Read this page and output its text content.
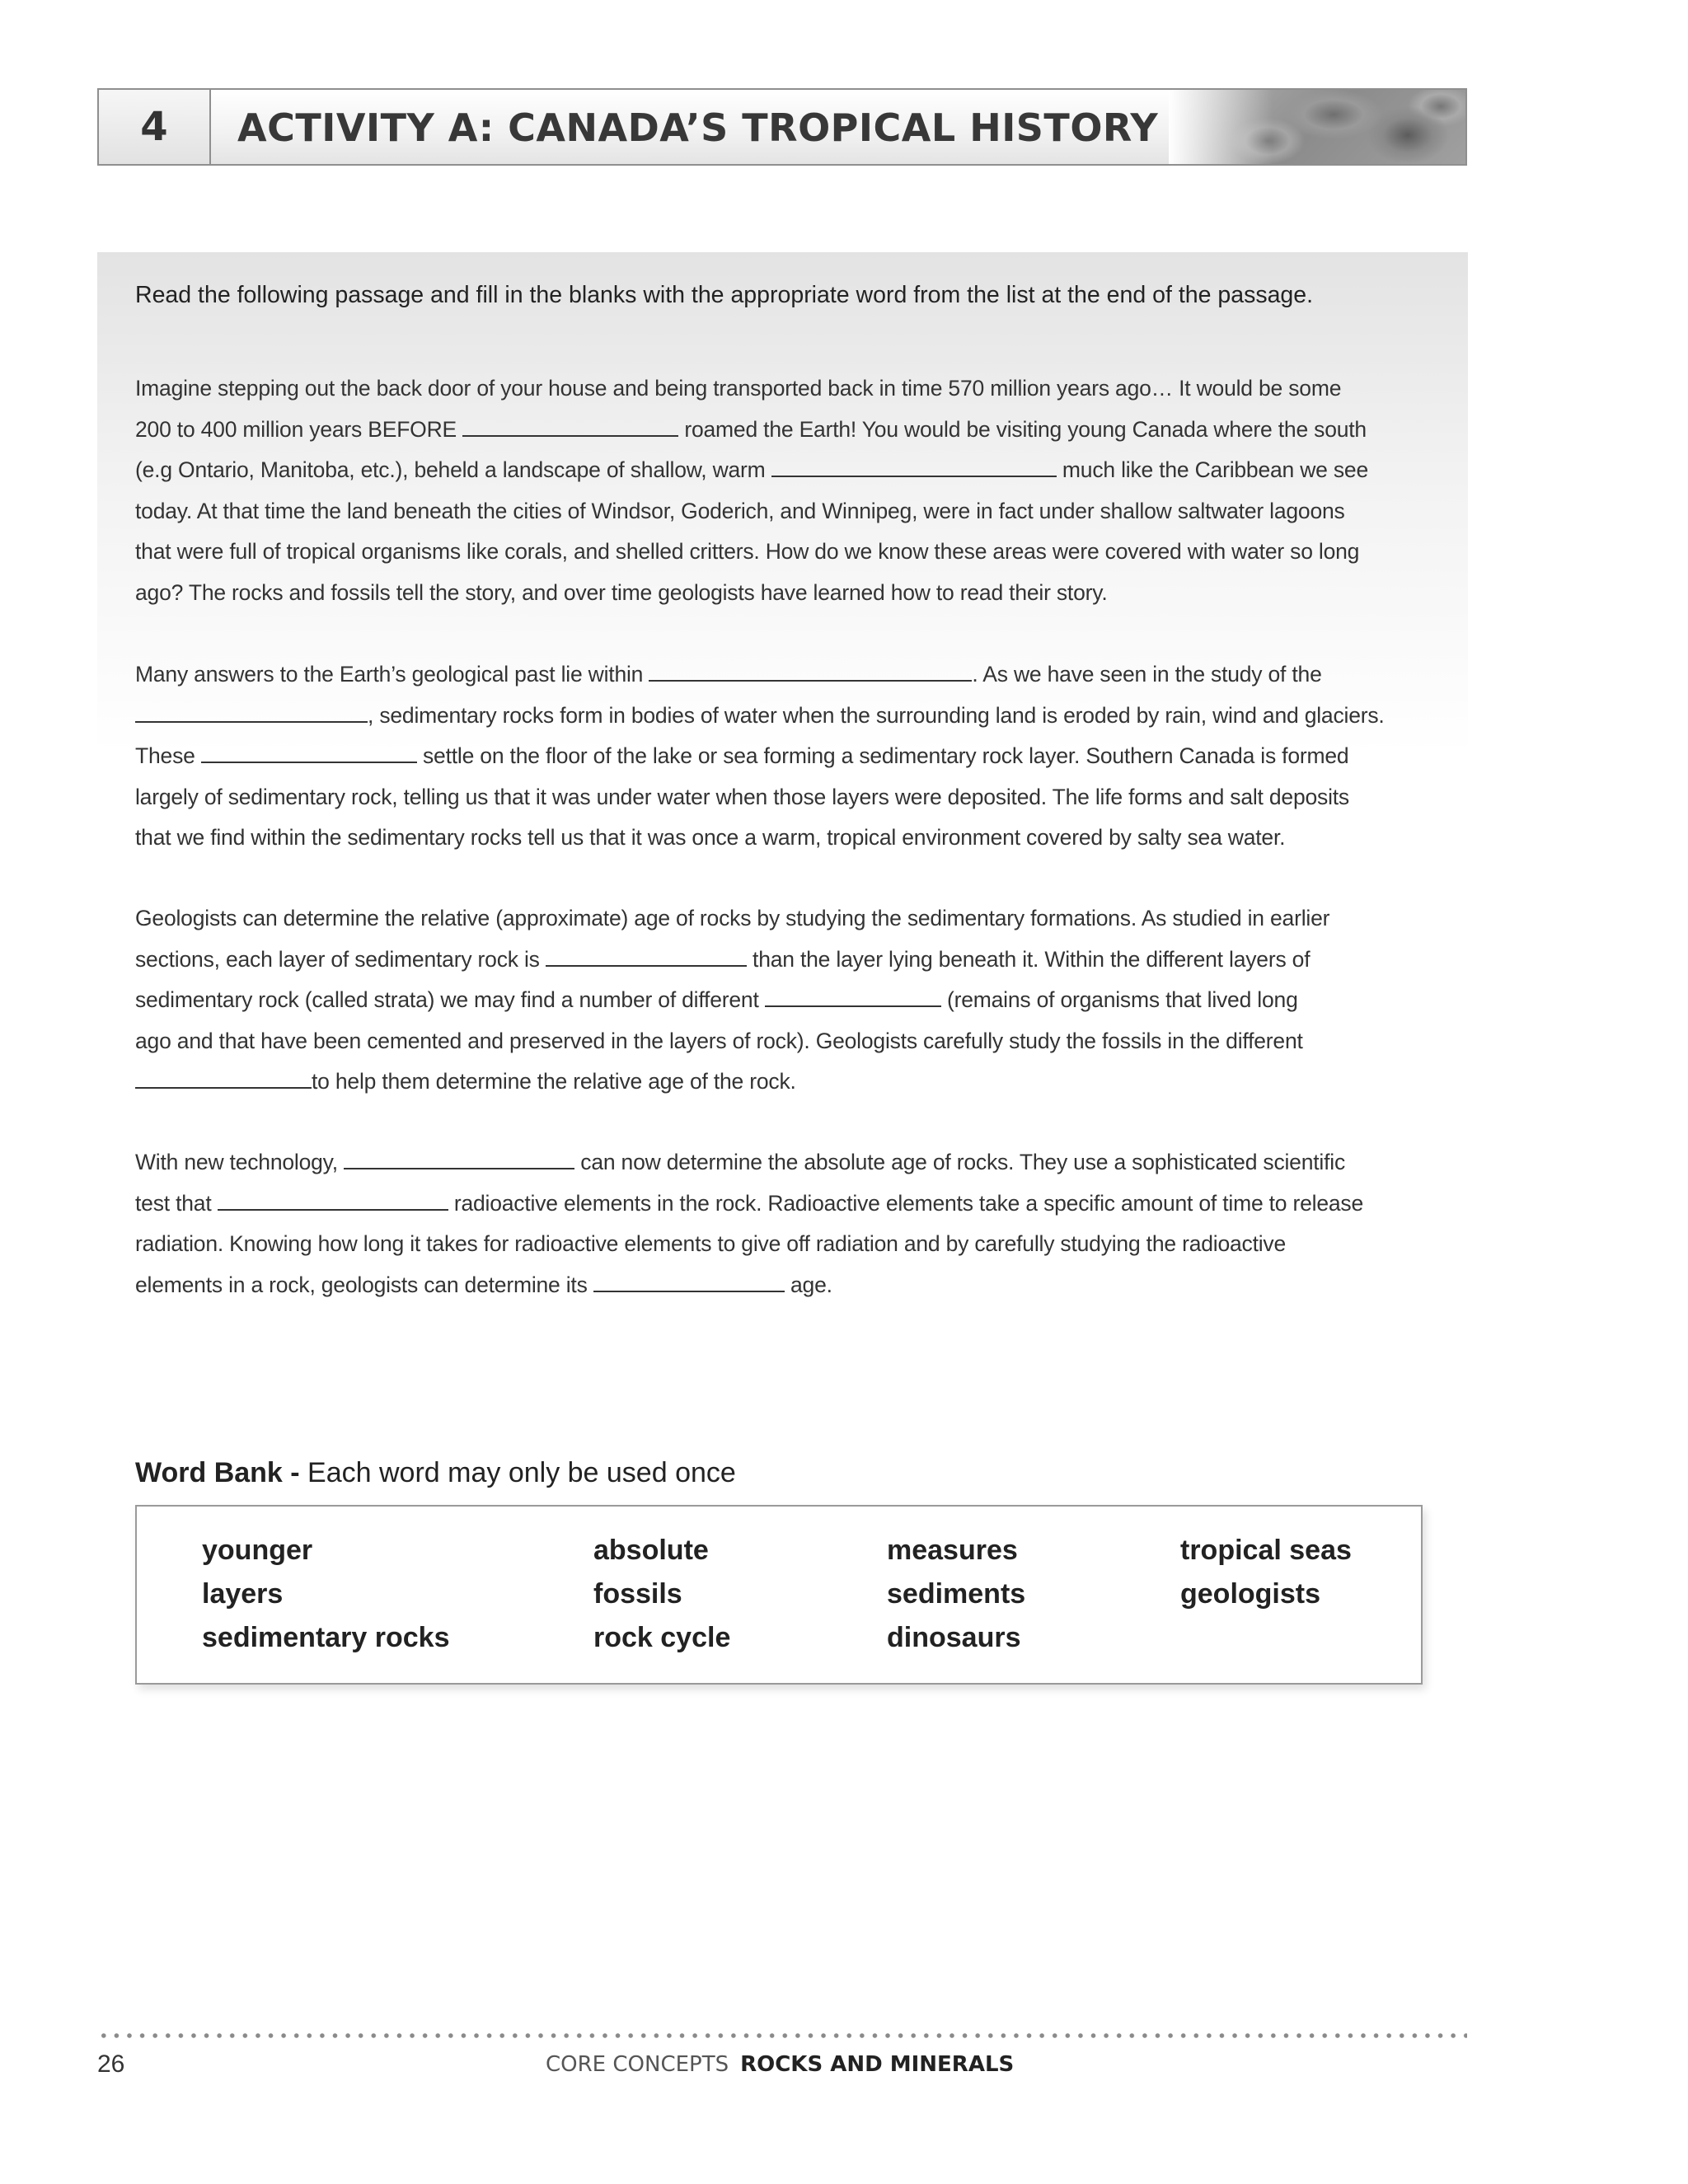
4	ACTIVITY A: CANADA’S TROPICAL HISTORY
Read the following passage and fill in the blanks with the appropriate word from the list at the end of the passage.
Imagine stepping out the back door of your house and being transported back in time 570 million years ago… It would be some
200 to 400 million years BEFORE	roamed the Earth! You would be visiting young Canada where the south
(e.g Ontario, Manitoba, etc.), beheld a landscape of shallow, warm	much like the Caribbean we see
today. At that time the land beneath the cities of Windsor, Goderich, and Winnipeg, were in fact under shallow saltwater lagoons
that were full of tropical organisms like corals, and shelled critters. How do we know these areas were covered with water so long
ago? The rocks and fossils tell the story, and over time geologists have learned how to read their story.
Many answers to the Earth’s geological past lie within	. As we have seen in the study of the
, sedimentary rocks form in bodies of water when the surrounding land is eroded by rain, wind and glaciers.
These	settle on the floor of the lake or sea forming a sedimentary rock layer. Southern Canada is formed
largely of sedimentary rock, telling us that it was under water when those layers were deposited. The life forms and salt deposits
that we find within the sedimentary rocks tell us that it was once a warm, tropical environment covered by salty sea water.
Geologists can determine the relative (approximate) age of rocks by studying the sedimentary formations. As studied in earlier
sections, each layer of sedimentary rock is	than the layer lying beneath it. Within the different layers of
sedimentary rock (called strata) we may find a number of different	(remains of organisms that lived long
ago and that have been cemented and preserved in the layers of rock). Geologists carefully study the fossils in the different
to help them determine the relative age of the rock.
With new technology,	can now determine the absolute age of rocks. They use a sophisticated scientific
test that	radioactive elements in the rock. Radioactive elements take a specific amount of time to release
radiation. Knowing how long it takes for radioactive elements to give off radiation and by carefully studying the radioactive
elements in a rock, geologists can determine its	age.
Word Bank - Each word may only be used once
younger	absolute	measures	tropical seas
layers	fossils	sediments	geologists
sedimentary rocks	rock cycle	dinosaurs
26	CORE CONCEPTS ROCKS AND MINERALS
